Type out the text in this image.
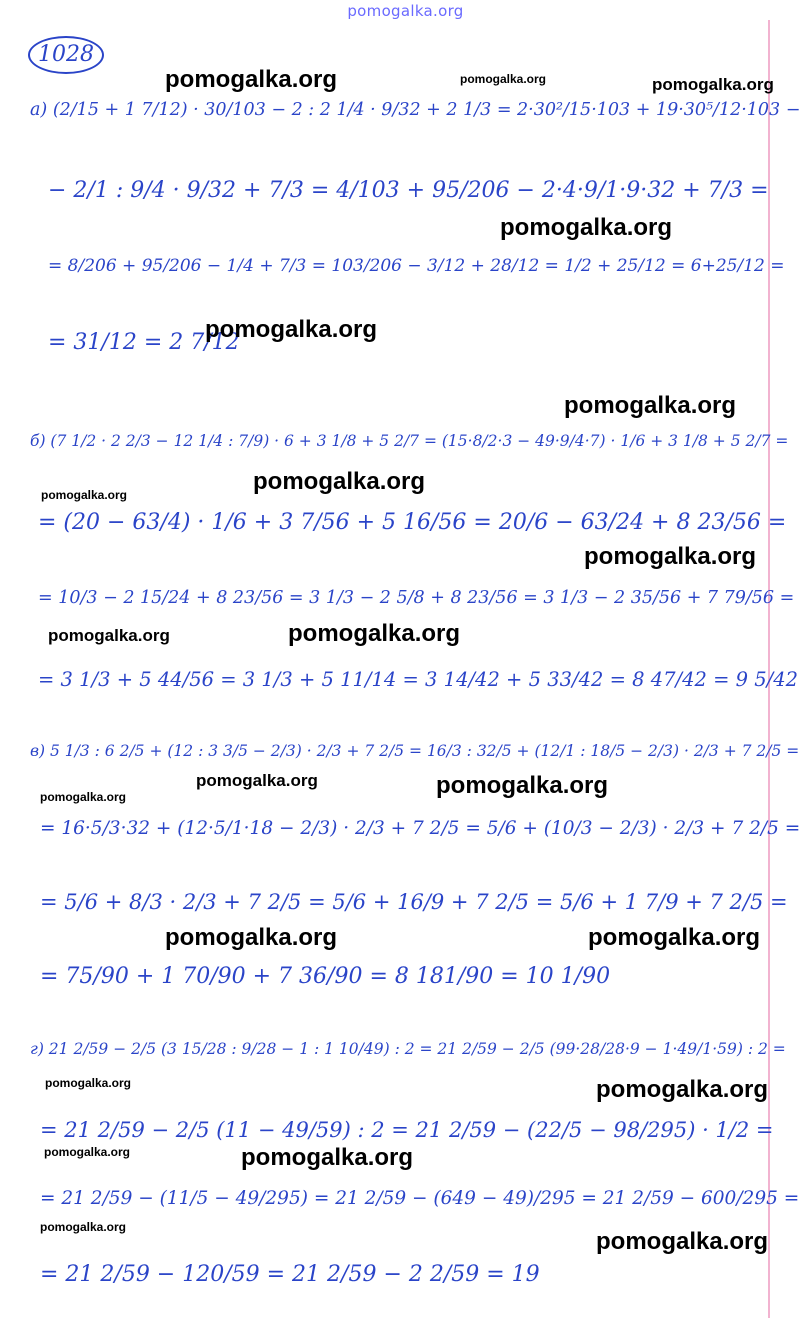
pomogalka.org
1028
а) (2/15 + 1 7/12) · 30/103 − 2 : 2 1/4 · 9/32 + 2 1/3 = 2·30²/15·103 + 19·30⁵/12·103 −
− 2/1 : 9/4 · 9/32 + 7/3 = 4/103 + 95/206 − 2·4·9/1·9·32 + 7/3 =
= 8/206 + 95/206 − 1/4 + 7/3 = 103/206 − 3/12 + 28/12 = 1/2 + 25/12 = 6+25/12 =
= 31/12 = 2 7/12
б) (7 1/2 · 2 2/3 − 12 1/4 : 7/9) · 6 + 3 1/8 + 5 2/7 = (15·8/2·3 − 49·9/4·7) · 1/6 + 3 1/8 + 5 2/7 =
= (20 − 63/4) · 1/6 + 3 7/56 + 5 16/56 = 20/6 − 63/24 + 8 23/56 =
= 10/3 − 2 15/24 + 8 23/56 = 3 1/3 − 2 5/8 + 8 23/56 = 3 1/3 − 2 35/56 + 7 79/56 =
= 3 1/3 + 5 44/56 = 3 1/3 + 5 11/14 = 3 14/42 + 5 33/42 = 8 47/42 = 9 5/42
в) 5 1/3 : 6 2/5 + (12 : 3 3/5 − 2/3) · 2/3 + 7 2/5 = 16/3 : 32/5 + (12/1 : 18/5 − 2/3) · 2/3 + 7 2/5 =
= 16·5/3·32 + (12·5/1·18 − 2/3) · 2/3 + 7 2/5 = 5/6 + (10/3 − 2/3) · 2/3 + 7 2/5 =
= 5/6 + 8/3 · 2/3 + 7 2/5 = 5/6 + 16/9 + 7 2/5 = 5/6 + 1 7/9 + 7 2/5 =
= 75/90 + 1 70/90 + 7 36/90 = 8 181/90 = 10 1/90
г) 21 2/59 − 2/5 (3 15/28 : 9/28 − 1 : 1 10/49) : 2 = 21 2/59 − 2/5 (99·28/28·9 − 1·49/1·59) : 2 =
= 21 2/59 − 2/5 (11 − 49/59) : 2 = 21 2/59 − (22/5 − 98/295) · 1/2 =
= 21 2/59 − (11/5 − 49/295) = 21 2/59 − (649 − 49)/295 = 21 2/59 − 600/295 =
= 21 2/59 − 120/59 = 21 2/59 − 2 2/59 = 19
pomogalka.org	pomogalka.org	pomogalka.org
pomogalka.org
pomogalka.org
pomogalka.org
pomogalka.org
pomogalka.org
pomogalka.org
pomogalka.org
pomogalka.org
pomogalka.org	pomogalka.org
pomogalka.org
pomogalka.org	pomogalka.org
pomogalka.org	pomogalka.org
pomogalka.org	pomogalka.org
pomogalka.org
pomogalka.org
